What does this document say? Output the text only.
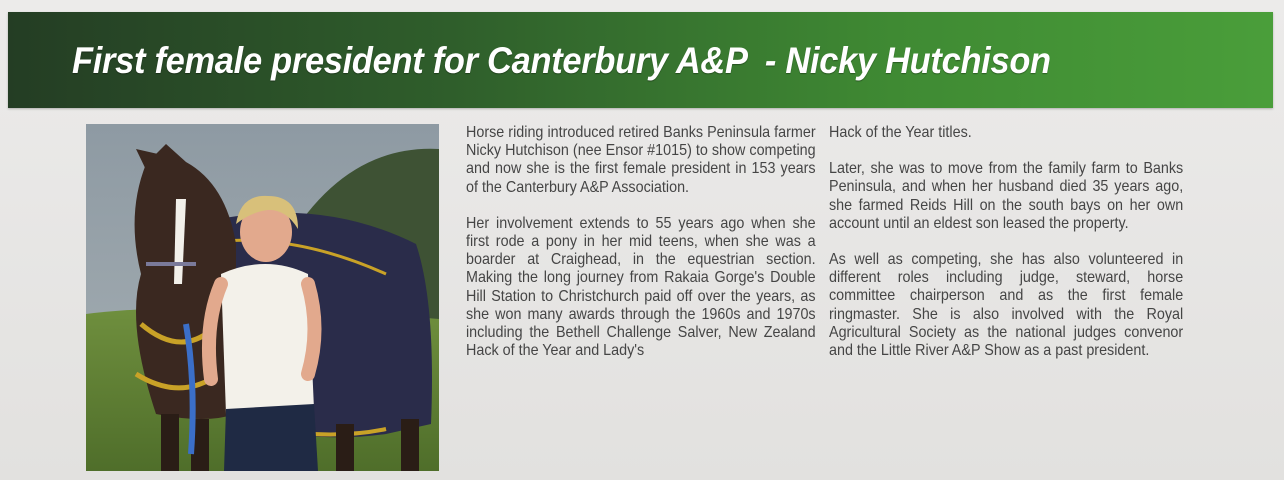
First female president for Canterbury A&P  - Nicky Hutchison

Horse riding introduced retired Banks Peninsula farmer Nicky Hutchison (nee Ensor #1015) to show competing and now she is the first female president in 153 years of the Canterbury A&P Association.

Her involvement extends to 55 years ago when she first rode a pony in her mid teens, when she was a boarder at Craighead, in the equestrian section. Making the long journey from Rakaia Gorge's Double Hill Station to Christchurch paid off over the years, as she won many awards through the 1960s and 1970s including the Bethell Challenge Salver, New Zealand Hack of the Year and Lady's

Hack of the Year titles.

Later, she was to move from the family farm to Banks Peninsula, and when her husband died 35 years ago, she farmed Reids Hill on the south bays on her own account until an eldest son leased the property.

As well as competing, she has also volunteered in different roles including judge, steward, horse committee chairperson and as the first female ringmaster. She is also involved with the Royal Agricultural Society as the national judges convenor and the Little River A&P Show as a past president.
